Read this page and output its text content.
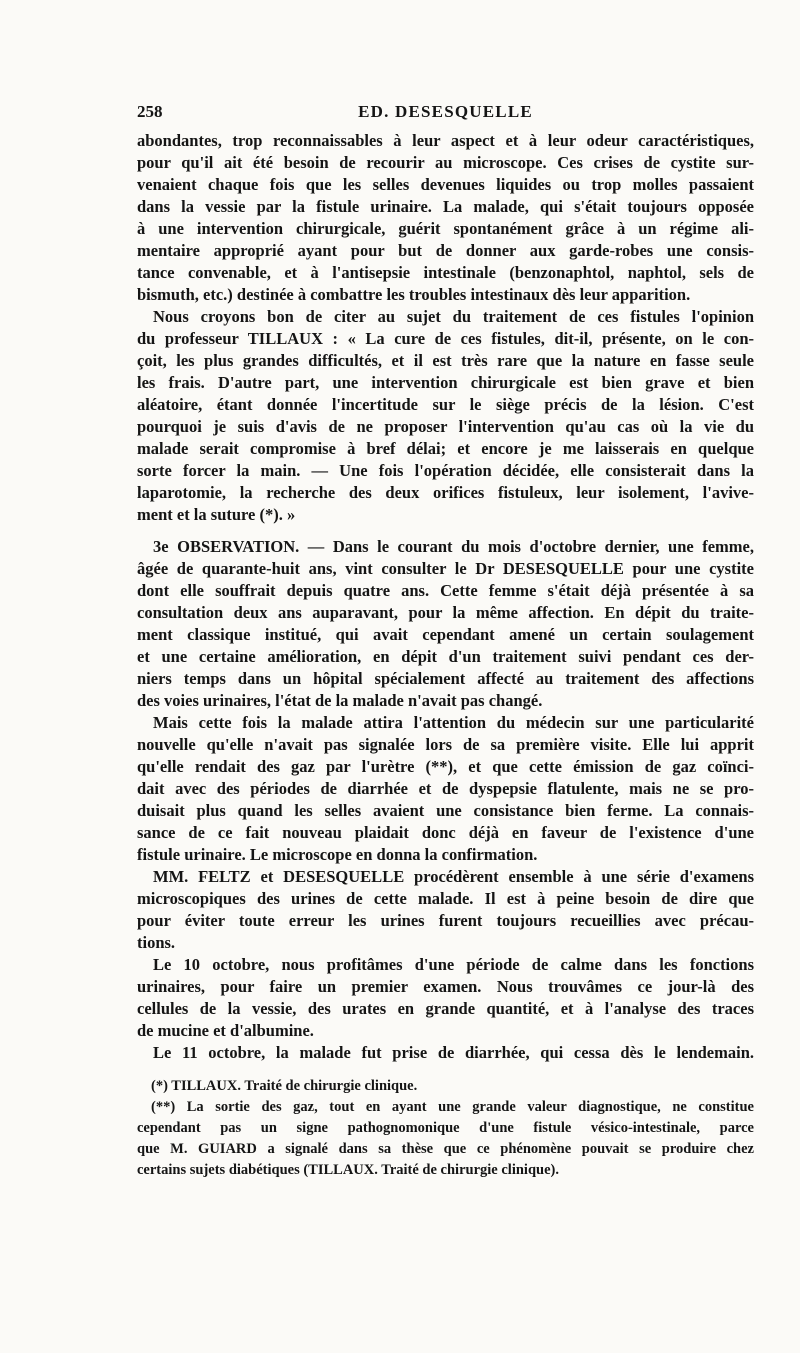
258	ED. DESESQUELLE
abondantes, trop reconnaissables à leur aspect et à leur odeur caractéristiques,
pour qu'il ait été besoin de recourir au microscope. Ces crises de cystite sur-
venaient chaque fois que les selles devenues liquides ou trop molles passaient
dans la vessie par la fistule urinaire. La malade, qui s'était toujours opposée
à une intervention chirurgicale, guérit spontanément grâce à un régime ali-
mentaire approprié ayant pour but de donner aux garde-robes une consis-
tance convenable, et à l'antisepsie intestinale (benzonaphtol, naphtol, sels de
bismuth, etc.) destinée à combattre les troubles intestinaux dès leur apparition.
Nous croyons bon de citer au sujet du traitement de ces fistules l'opinion
du professeur TILLAUX : « La cure de ces fistules, dit-il, présente, on le con-
çoit, les plus grandes difficultés, et il est très rare que la nature en fasse seule
les frais. D'autre part, une intervention chirurgicale est bien grave et bien
aléatoire, étant donnée l'incertitude sur le siège précis de la lésion. C'est
pourquoi je suis d'avis de ne proposer l'intervention qu'au cas où la vie du
malade serait compromise à bref délai; et encore je me laisserais en quelque
sorte forcer la main. — Une fois l'opération décidée, elle consisterait dans la
laparotomie, la recherche des deux orifices fistuleux, leur isolement, l'avive-
ment et la suture (*). »
3e OBSERVATION. — Dans le courant du mois d'octobre dernier, une femme,
âgée de quarante-huit ans, vint consulter le Dr DESESQUELLE pour une cystite
dont elle souffrait depuis quatre ans. Cette femme s'était déjà présentée à sa
consultation deux ans auparavant, pour la même affection. En dépit du traite-
ment classique institué, qui avait cependant amené un certain soulagement
et une certaine amélioration, en dépit d'un traitement suivi pendant ces der-
niers temps dans un hôpital spécialement affecté au traitement des affections
des voies urinaires, l'état de la malade n'avait pas changé.
Mais cette fois la malade attira l'attention du médecin sur une particularité
nouvelle qu'elle n'avait pas signalée lors de sa première visite. Elle lui apprit
qu'elle rendait des gaz par l'urètre (**), et que cette émission de gaz coïnci-
dait avec des périodes de diarrhée et de dyspepsie flatulente, mais ne se pro-
duisait plus quand les selles avaient une consistance bien ferme. La connais-
sance de ce fait nouveau plaidait donc déjà en faveur de l'existence d'une
fistule urinaire. Le microscope en donna la confirmation.
MM. FELTZ et DESESQUELLE procédèrent ensemble à une série d'examens
microscopiques des urines de cette malade. Il est à peine besoin de dire que
pour éviter toute erreur les urines furent toujours recueillies avec précau-
tions.
Le 10 octobre, nous profitâmes d'une période de calme dans les fonctions
urinaires, pour faire un premier examen. Nous trouvâmes ce jour-là des
cellules de la vessie, des urates en grande quantité, et à l'analyse des traces
de mucine et d'albumine.
Le 11 octobre, la malade fut prise de diarrhée, qui cessa dès le lendemain.
(*) TILLAUX. Traité de chirurgie clinique.
(**) La sortie des gaz, tout en ayant une grande valeur diagnostique, ne constitue
cependant pas un signe pathognomonique d'une fistule vésico-intestinale, parce
que M. GUIARD a signalé dans sa thèse que ce phénomène pouvait se produire chez
certains sujets diabétiques (TILLAUX. Traité de chirurgie clinique).
